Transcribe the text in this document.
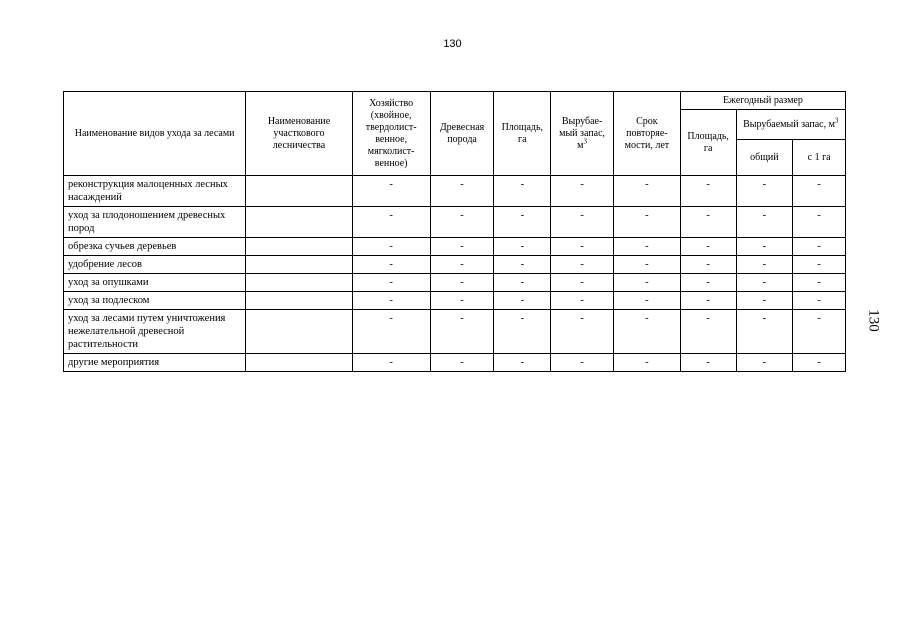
130
130
Наименование видов ухода за лесами	Наименование участкового лесничества	Хозяйство (хвойное, твердолист-венное, мягколист-венное)	Древесная порода	Площадь, га	Вырубае-мый запас, $м^3$	Срок повторяе-мости, лет	Ежегодный размер		
							Площадь, га	Вырубаемый запас, $м^3$
								общий	с 1 га
реконструкция малоценных лесных насаждений		-	-	-	-	-	-	-	-
уход за плодоношением древесных пород		-	-	-	-	-	-	-	-
обрезка сучьев деревьев		-	-	-	-	-	-	-	-
удобрение лесов		-	-	-	-	-	-	-	-
уход за опушками		-	-	-	-	-	-	-	-
уход за подлеском		-	-	-	-	-	-	-	-
уход за лесами путем уничтожения нежелательной древесной растительности		-	-	-	-	-	-	-	-
другие мероприятия		-	-	-	-	-	-	-	-
